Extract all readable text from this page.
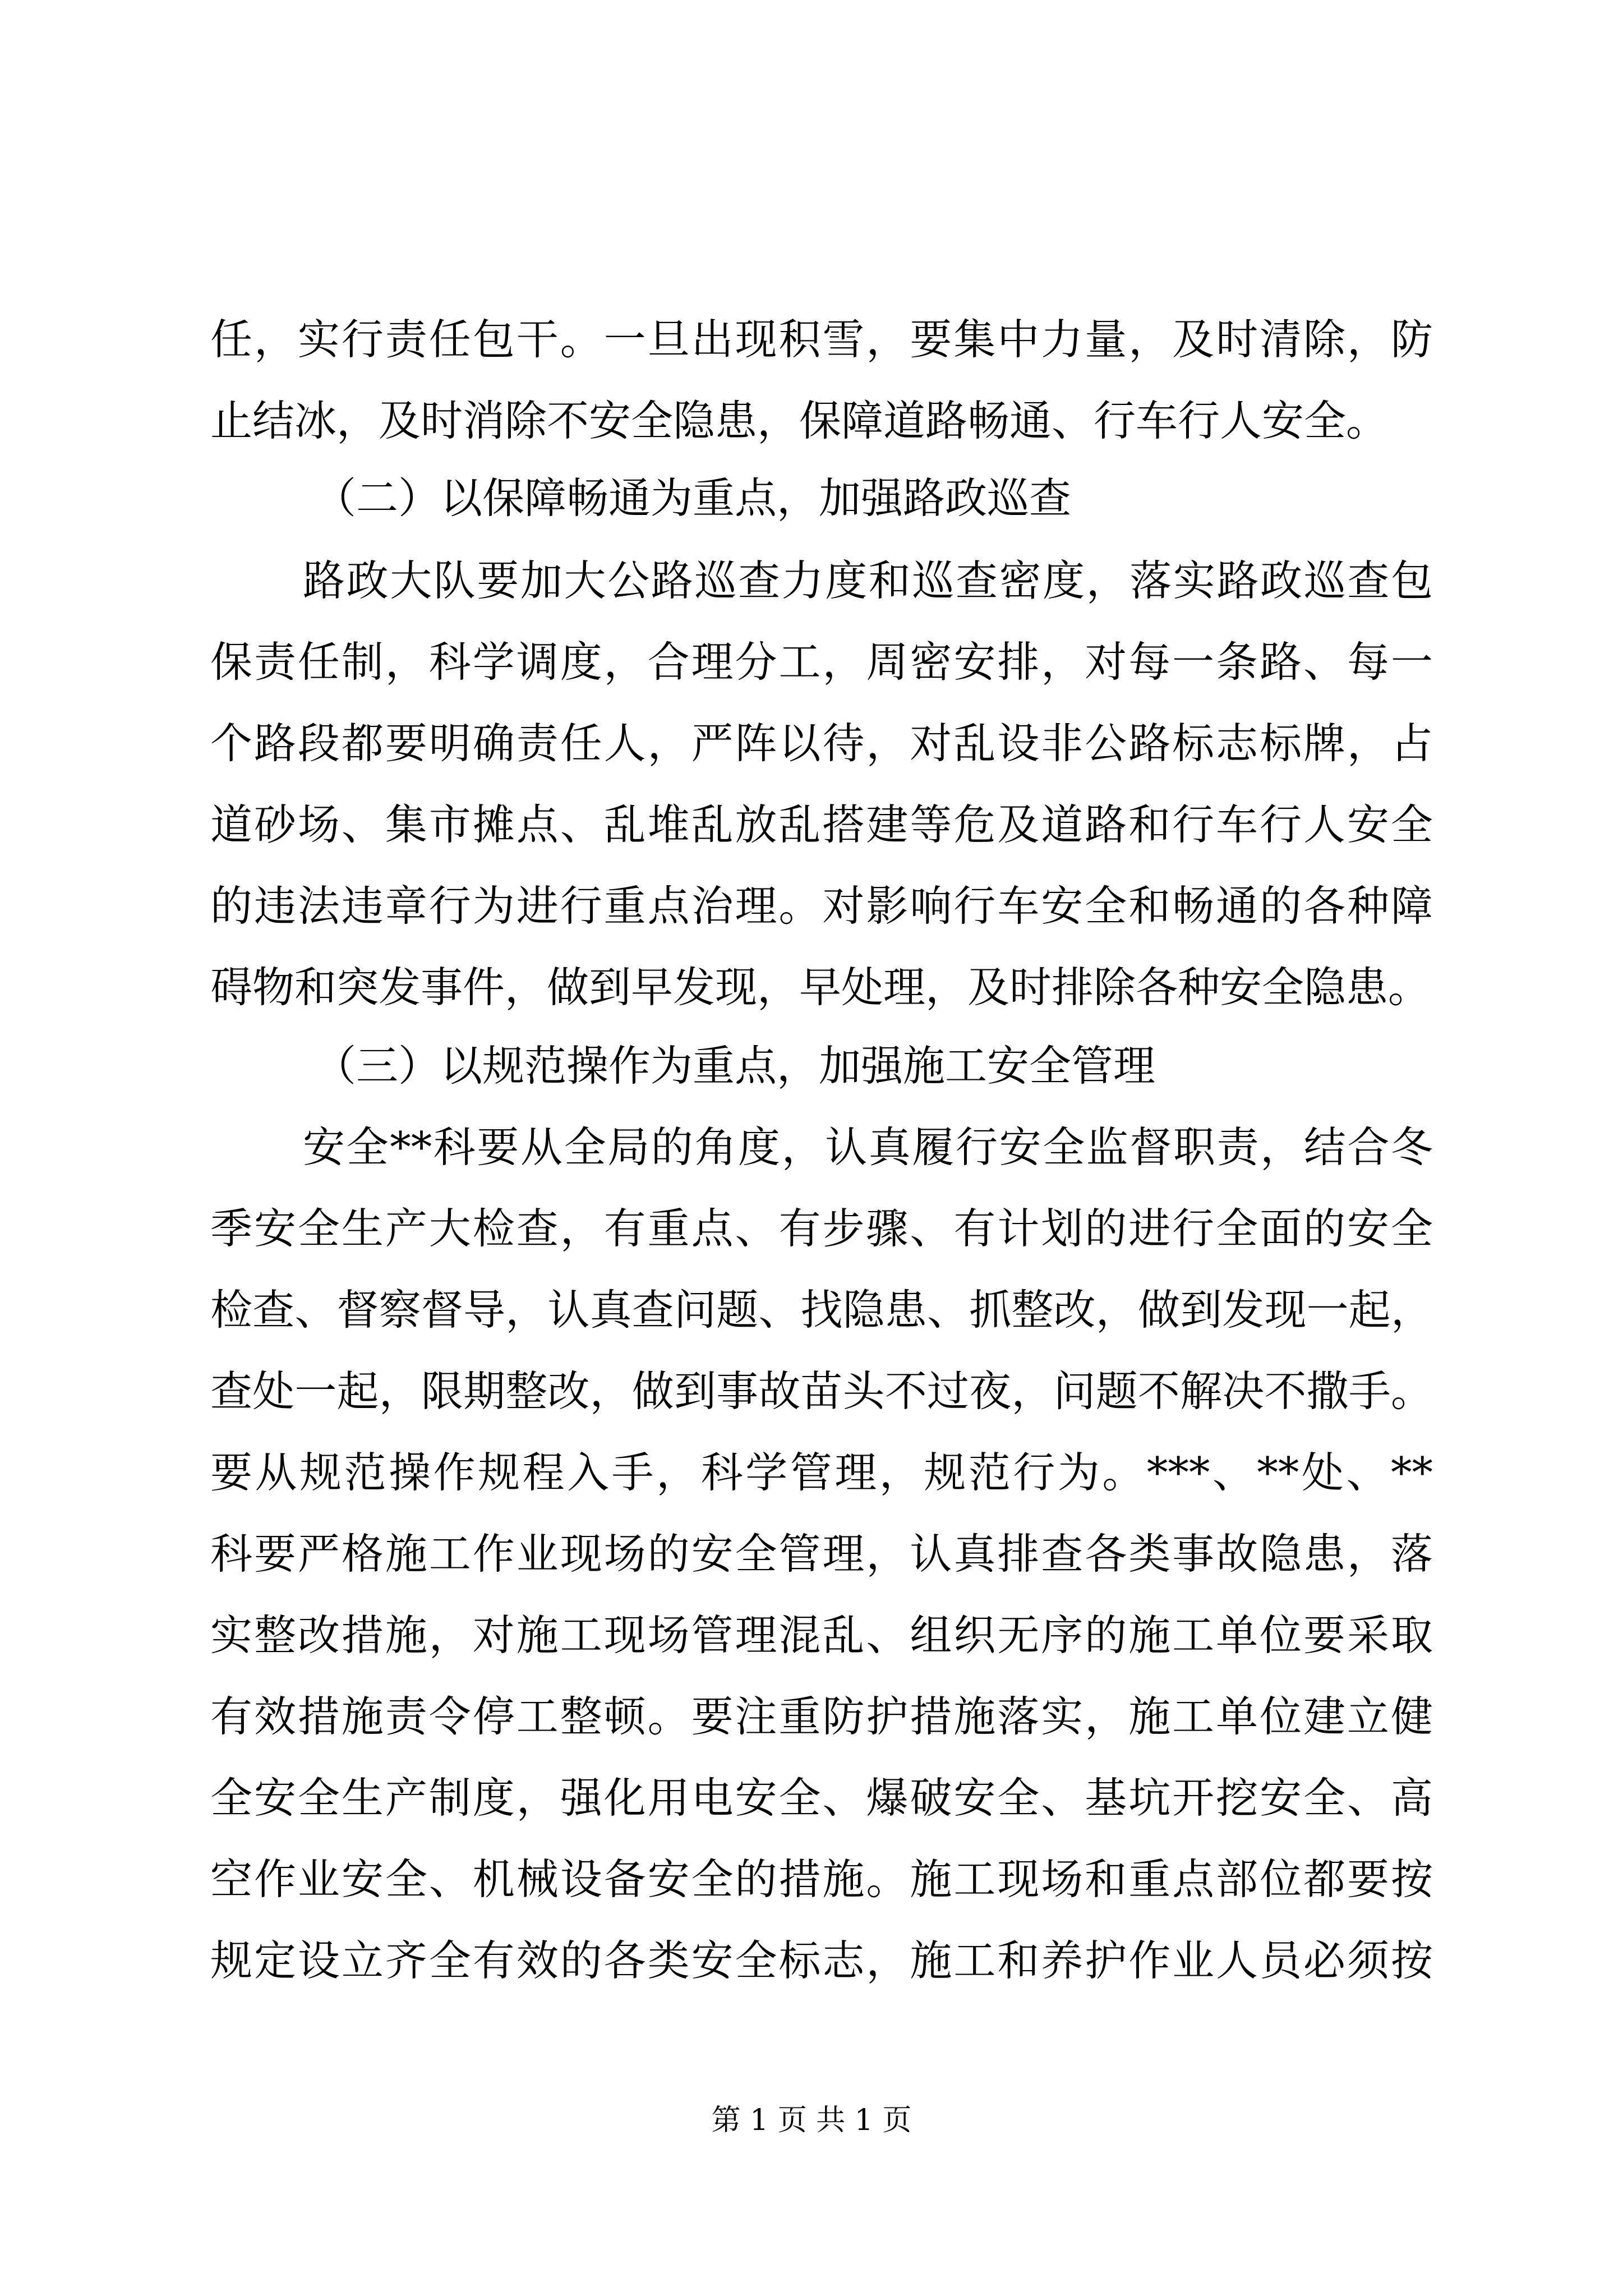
任，实行责任包干。一旦出现积雪，要集中力量，及时清除，防
止结冰，及时消除不安全隐患，保障道路畅通、行车行人安全。
（二）以保障畅通为重点，加强路政巡查
路政大队要加大公路巡查力度和巡查密度，落实路政巡查包
保责任制，科学调度，合理分工，周密安排，对每一条路、每一
个路段都要明确责任人，严阵以待，对乱设非公路标志标牌，占
道砂场、集市摊点、乱堆乱放乱搭建等危及道路和行车行人安全
的违法违章行为进行重点治理。对影响行车安全和畅通的各种障
碍物和突发事件，做到早发现，早处理，及时排除各种安全隐患。
（三）以规范操作为重点，加强施工安全管理
安全**科要从全局的角度，认真履行安全监督职责，结合冬
季安全生产大检查，有重点、有步骤、有计划的进行全面的安全
检查、督察督导，认真查问题、找隐患、抓整改，做到发现一起，
查处一起，限期整改，做到事故苗头不过夜，问题不解决不撒手。
要从规范操作规程入手，科学管理，规范行为。***、**处、**
科要严格施工作业现场的安全管理，认真排查各类事故隐患，落
实整改措施，对施工现场管理混乱、组织无序的施工单位要采取
有效措施责令停工整顿。要注重防护措施落实，施工单位建立健
全安全生产制度，强化用电安全、爆破安全、基坑开挖安全、高
空作业安全、机械设备安全的措施。施工现场和重点部位都要按
规定设立齐全有效的各类安全标志，施工和养护作业人员必须按
第 1 页 共 1 页
